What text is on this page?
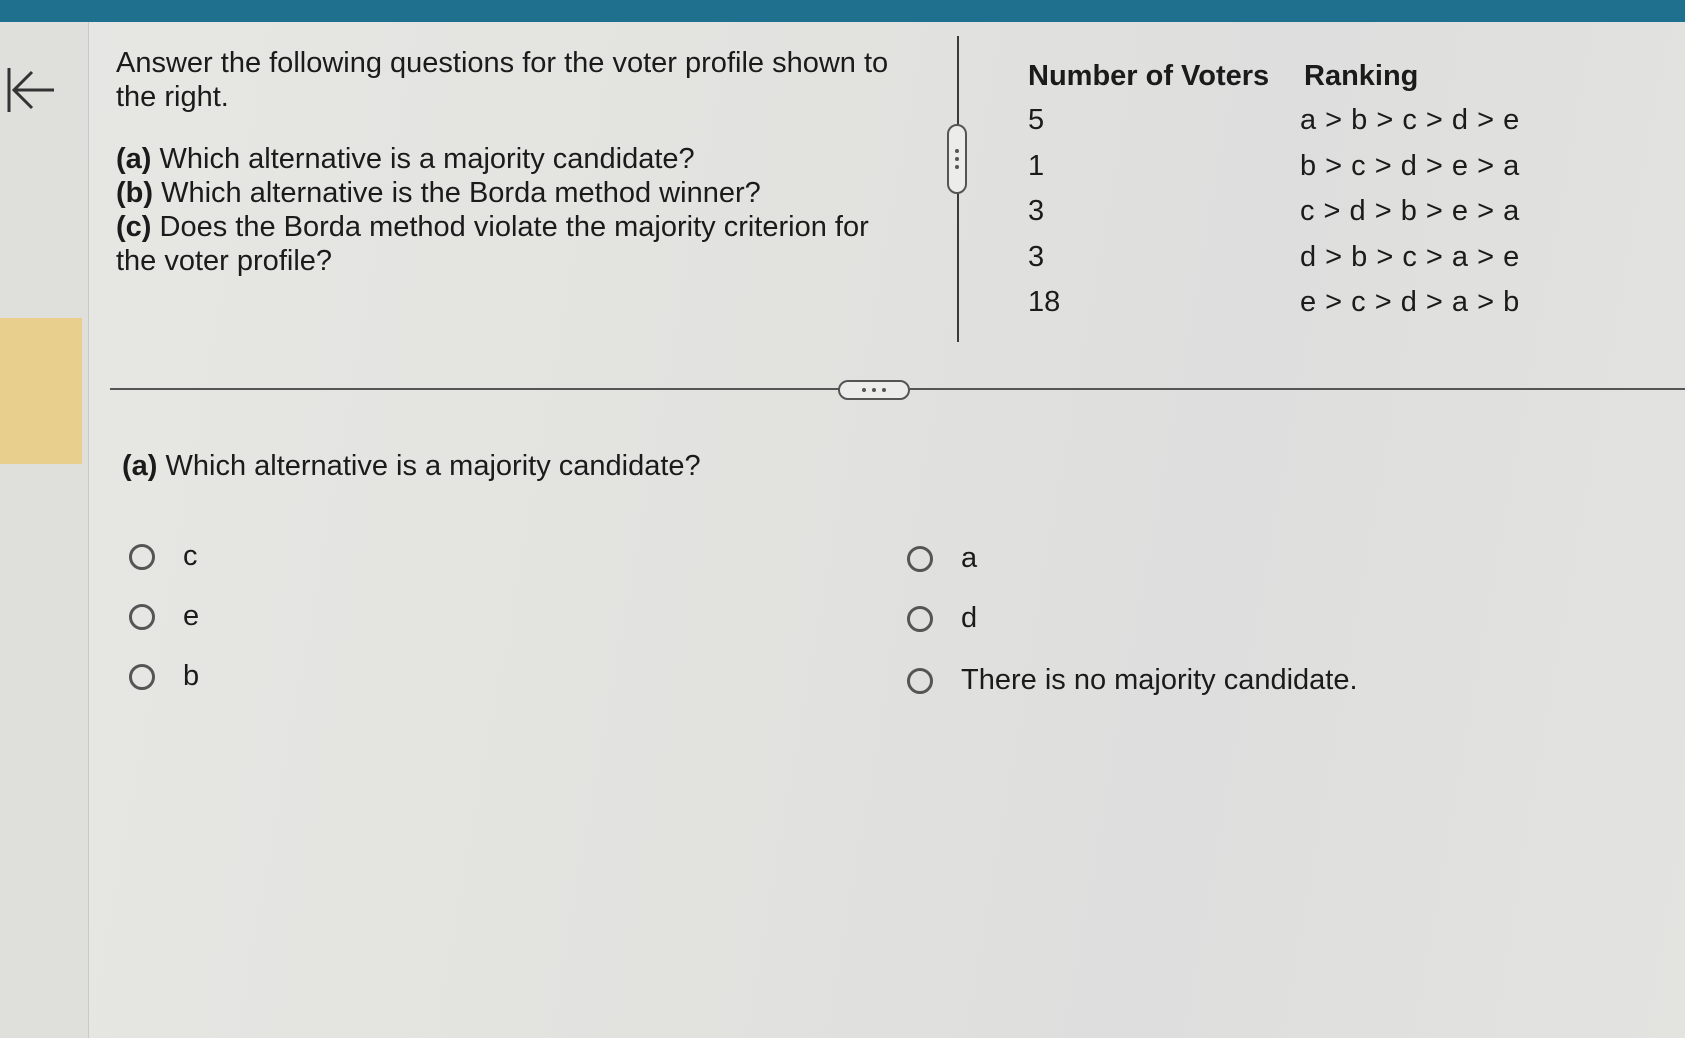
Answer the following questions for the voter profile shown to the right.

(a) Which alternative is a majority candidate?

(b) Which alternative is the Borda method winner?

(c) Does the Borda method violate the majority criterion for the voter profile?

Number of Voters	Ranking
5	a > b > c > d > e
1	b > c > d > e > a
3	c > d > b > e > a
3	d > b > c > a > e
18	e > c > d > a > b
(a) Which alternative is a majority candidate?
c
e
b
a
d
There is no majority candidate.
